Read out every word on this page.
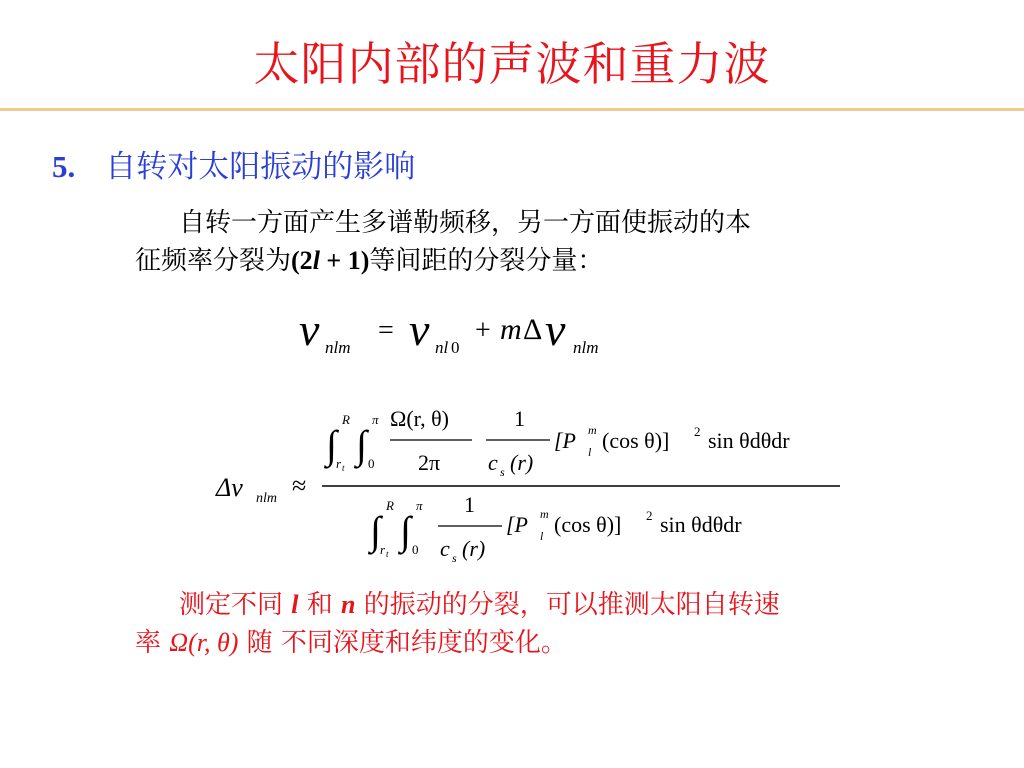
太阳内部的声波和重力波
5. 自转对太阳振动的影响
自转一方面产生多谱勒频移，另一方面使振动的本
征频率分裂为(2l + 1)等间距的分裂分量：
ν nlm
= ν nl 0
+ m Δ ν nlm
Δν nlm ≈
∫
R
r t
∫
π
0
Ω(r, θ)
2π
1
c s (r)
[P m
l (cos θ)] 2 sin θdθdr
∫
R
r t
∫
π
0
1
c s (r)
[P m
l (cos θ)] 2 sin θdθdr
测定不同 l 和 n 的振动的分裂，可以推测太阳自转速
率 Ω(r, θ) 随 不同深度和纬度的变化。
